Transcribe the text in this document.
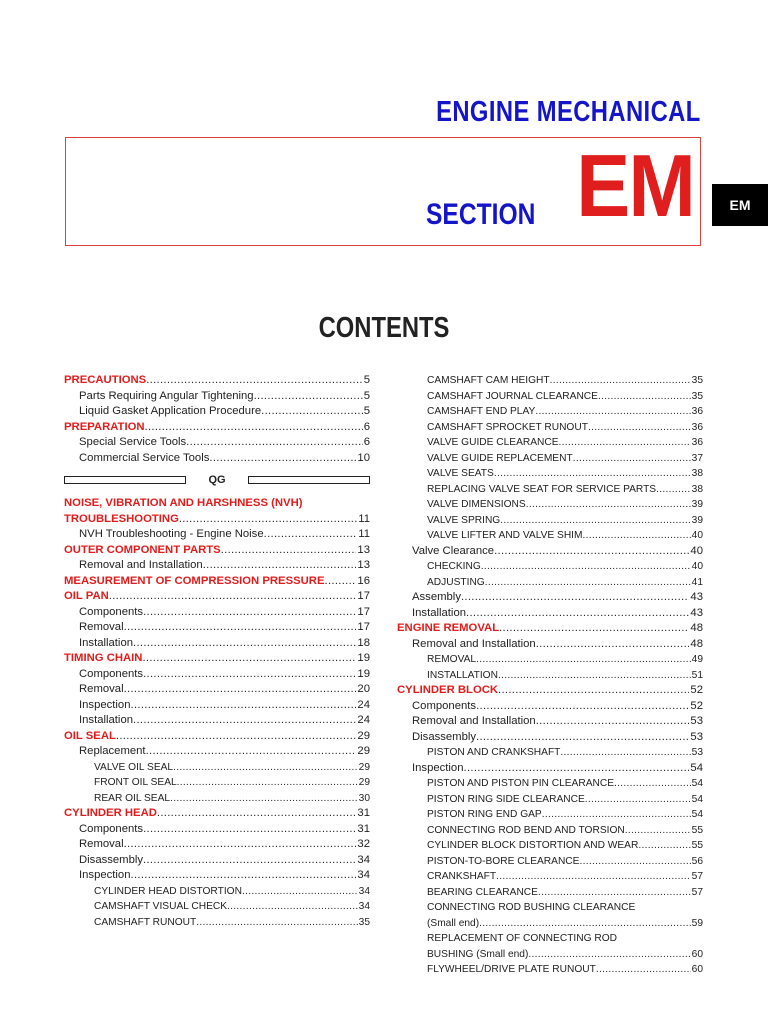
ENGINE MECHANICAL
SECTION EM	EM
CONTENTS
PRECAUTIONS .....	5
Parts Requiring Angular Tightening .....	5
Liquid Gasket Application Procedure .....	5
PREPARATION .....	6
Special Service Tools .....	6
Commercial Service Tools .....	10
QG
NOISE, VIBRATION AND HARSHNESS (NVH)
TROUBLESHOOTING .....	11
NVH Troubleshooting - Engine Noise .....	11
OUTER COMPONENT PARTS .....	13
Removal and Installation .....	13
MEASUREMENT OF COMPRESSION PRESSURE .....	16
OIL PAN .....	17
Components .....	17
Removal .....	17
Installation .....	18
TIMING CHAIN .....	19
Components .....	19
Removal .....	20
Inspection .....	24
Installation .....	24
OIL SEAL .....	29
Replacement .....	29
VALVE OIL SEAL .....	29
FRONT OIL SEAL .....	29
REAR OIL SEAL .....	30
CYLINDER HEAD .....	31
Components .....	31
Removal .....	32
Disassembly .....	34
Inspection .....	34
CYLINDER HEAD DISTORTION .....	34
CAMSHAFT VISUAL CHECK .....	34
CAMSHAFT RUNOUT .....	35
CAMSHAFT CAM HEIGHT .....	35
CAMSHAFT JOURNAL CLEARANCE .....	35
CAMSHAFT END PLAY .....	36
CAMSHAFT SPROCKET RUNOUT .....	36
VALVE GUIDE CLEARANCE .....	36
VALVE GUIDE REPLACEMENT .....	37
VALVE SEATS .....	38
REPLACING VALVE SEAT FOR SERVICE PARTS .....	38
VALVE DIMENSIONS .....	39
VALVE SPRING .....	39
VALVE LIFTER AND VALVE SHIM .....	40
Valve Clearance .....	40
CHECKING .....	40
ADJUSTING .....	41
Assembly .....	43
Installation .....	43
ENGINE REMOVAL .....	48
Removal and Installation .....	48
REMOVAL .....	49
INSTALLATION .....	51
CYLINDER BLOCK .....	52
Components .....	52
Removal and Installation .....	53
Disassembly .....	53
PISTON AND CRANKSHAFT .....	53
Inspection .....	54
PISTON AND PISTON PIN CLEARANCE .....	54
PISTON RING SIDE CLEARANCE .....	54
PISTON RING END GAP .....	54
CONNECTING ROD BEND AND TORSION .....	55
CYLINDER BLOCK DISTORTION AND WEAR .....	55
PISTON-TO-BORE CLEARANCE .....	56
CRANKSHAFT .....	57
BEARING CLEARANCE .....	57
CONNECTING ROD BUSHING CLEARANCE
(Small end) .....	59
REPLACEMENT OF CONNECTING ROD
BUSHING (Small end) .....	60
FLYWHEEL/DRIVE PLATE RUNOUT .....	60
